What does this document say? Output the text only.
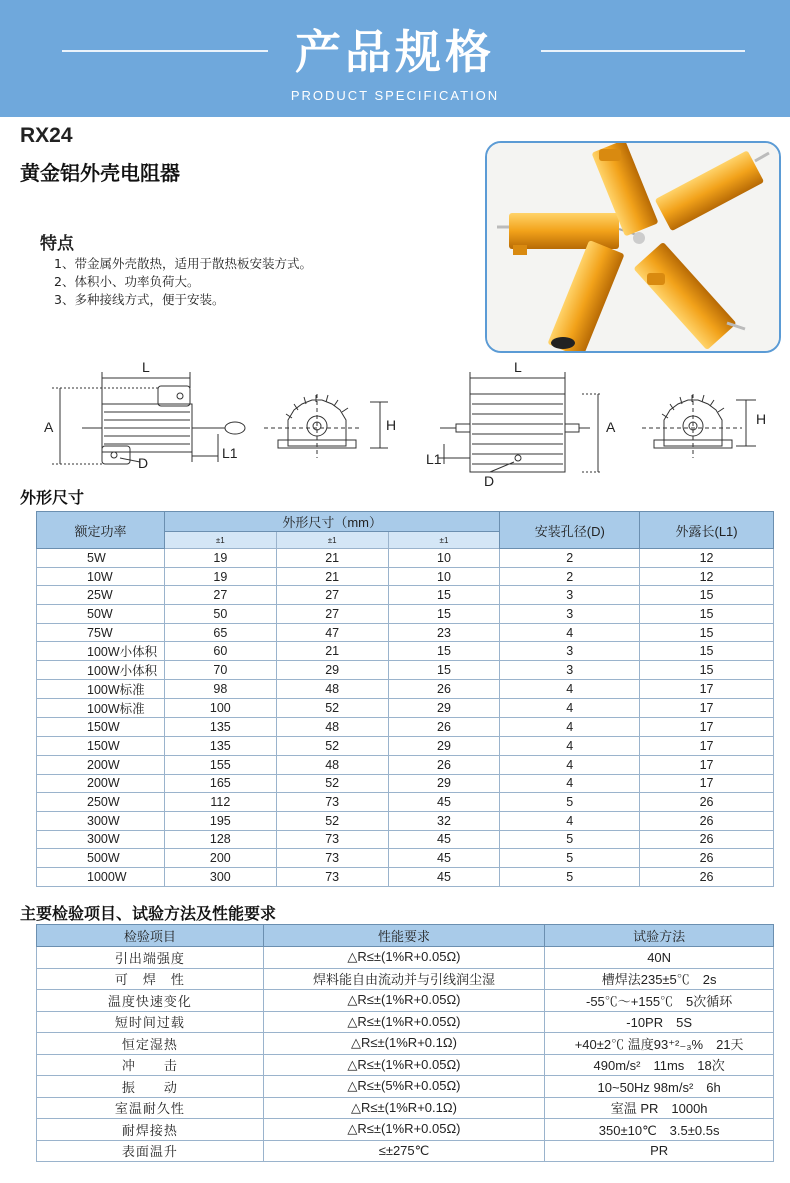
产品规格
PRODUCT SPECIFICATION
RX24
黄金铝外壳电阻器
特点
1、带金属外壳散热，适用于散热板安装方式。
2、体积小、功率负荷大。
3、多种接线方式，便于安装。
L
A
D
L1
H
L
A
L1
D
H
外形尺寸
额定功率	外形尺寸（mm）			安装孔径(D)	外露长(L1)
	±1	±1	±1		
5W	19	21	10	2	12
10W	19	21	10	2	12
25W	27	27	15	3	15
50W	50	27	15	3	15
75W	65	47	23	4	15
100W小体积	60	21	15	3	15
100W小体积	70	29	15	3	15
100W标准	98	48	26	4	17
100W标准	100	52	29	4	17
150W	135	48	26	4	17
150W	135	52	29	4	17
200W	155	48	26	4	17
200W	165	52	29	4	17
250W	112	73	45	5	26
300W	195	52	32	4	26
300W	128	73	45	5	26
500W	200	73	45	5	26
1000W	300	73	45	5	26
主要检验项目、试验方法及性能要求
检验项目	性能要求	试验方法
引出端强度	△R≤±(1%R+0.05Ω)	40N
可　焊　性	焊料能自由流动并与引线润尘湿	槽焊法235±5℃　2s
温度快速变化	△R≤±(1%R+0.05Ω)	-55℃～+155℃　5次循环
短时间过载	△R≤±(1%R+0.05Ω)	-10PR　5S
恒定湿热	△R≤±(1%R+0.1Ω)	+40±2℃ 温度93⁺²₋₃%　21天
冲　　击	△R≤±(1%R+0.05Ω)	490m/s²　11ms　18次
振　　动	△R≤±(5%R+0.05Ω)	10~50Hz 98m/s²　6h
室温耐久性	△R≤±(1%R+0.1Ω)	室温 PR　1000h
耐焊接热	△R≤±(1%R+0.05Ω)	350±10℃　3.5±0.5s
表面温升	≤±275℃	PR
